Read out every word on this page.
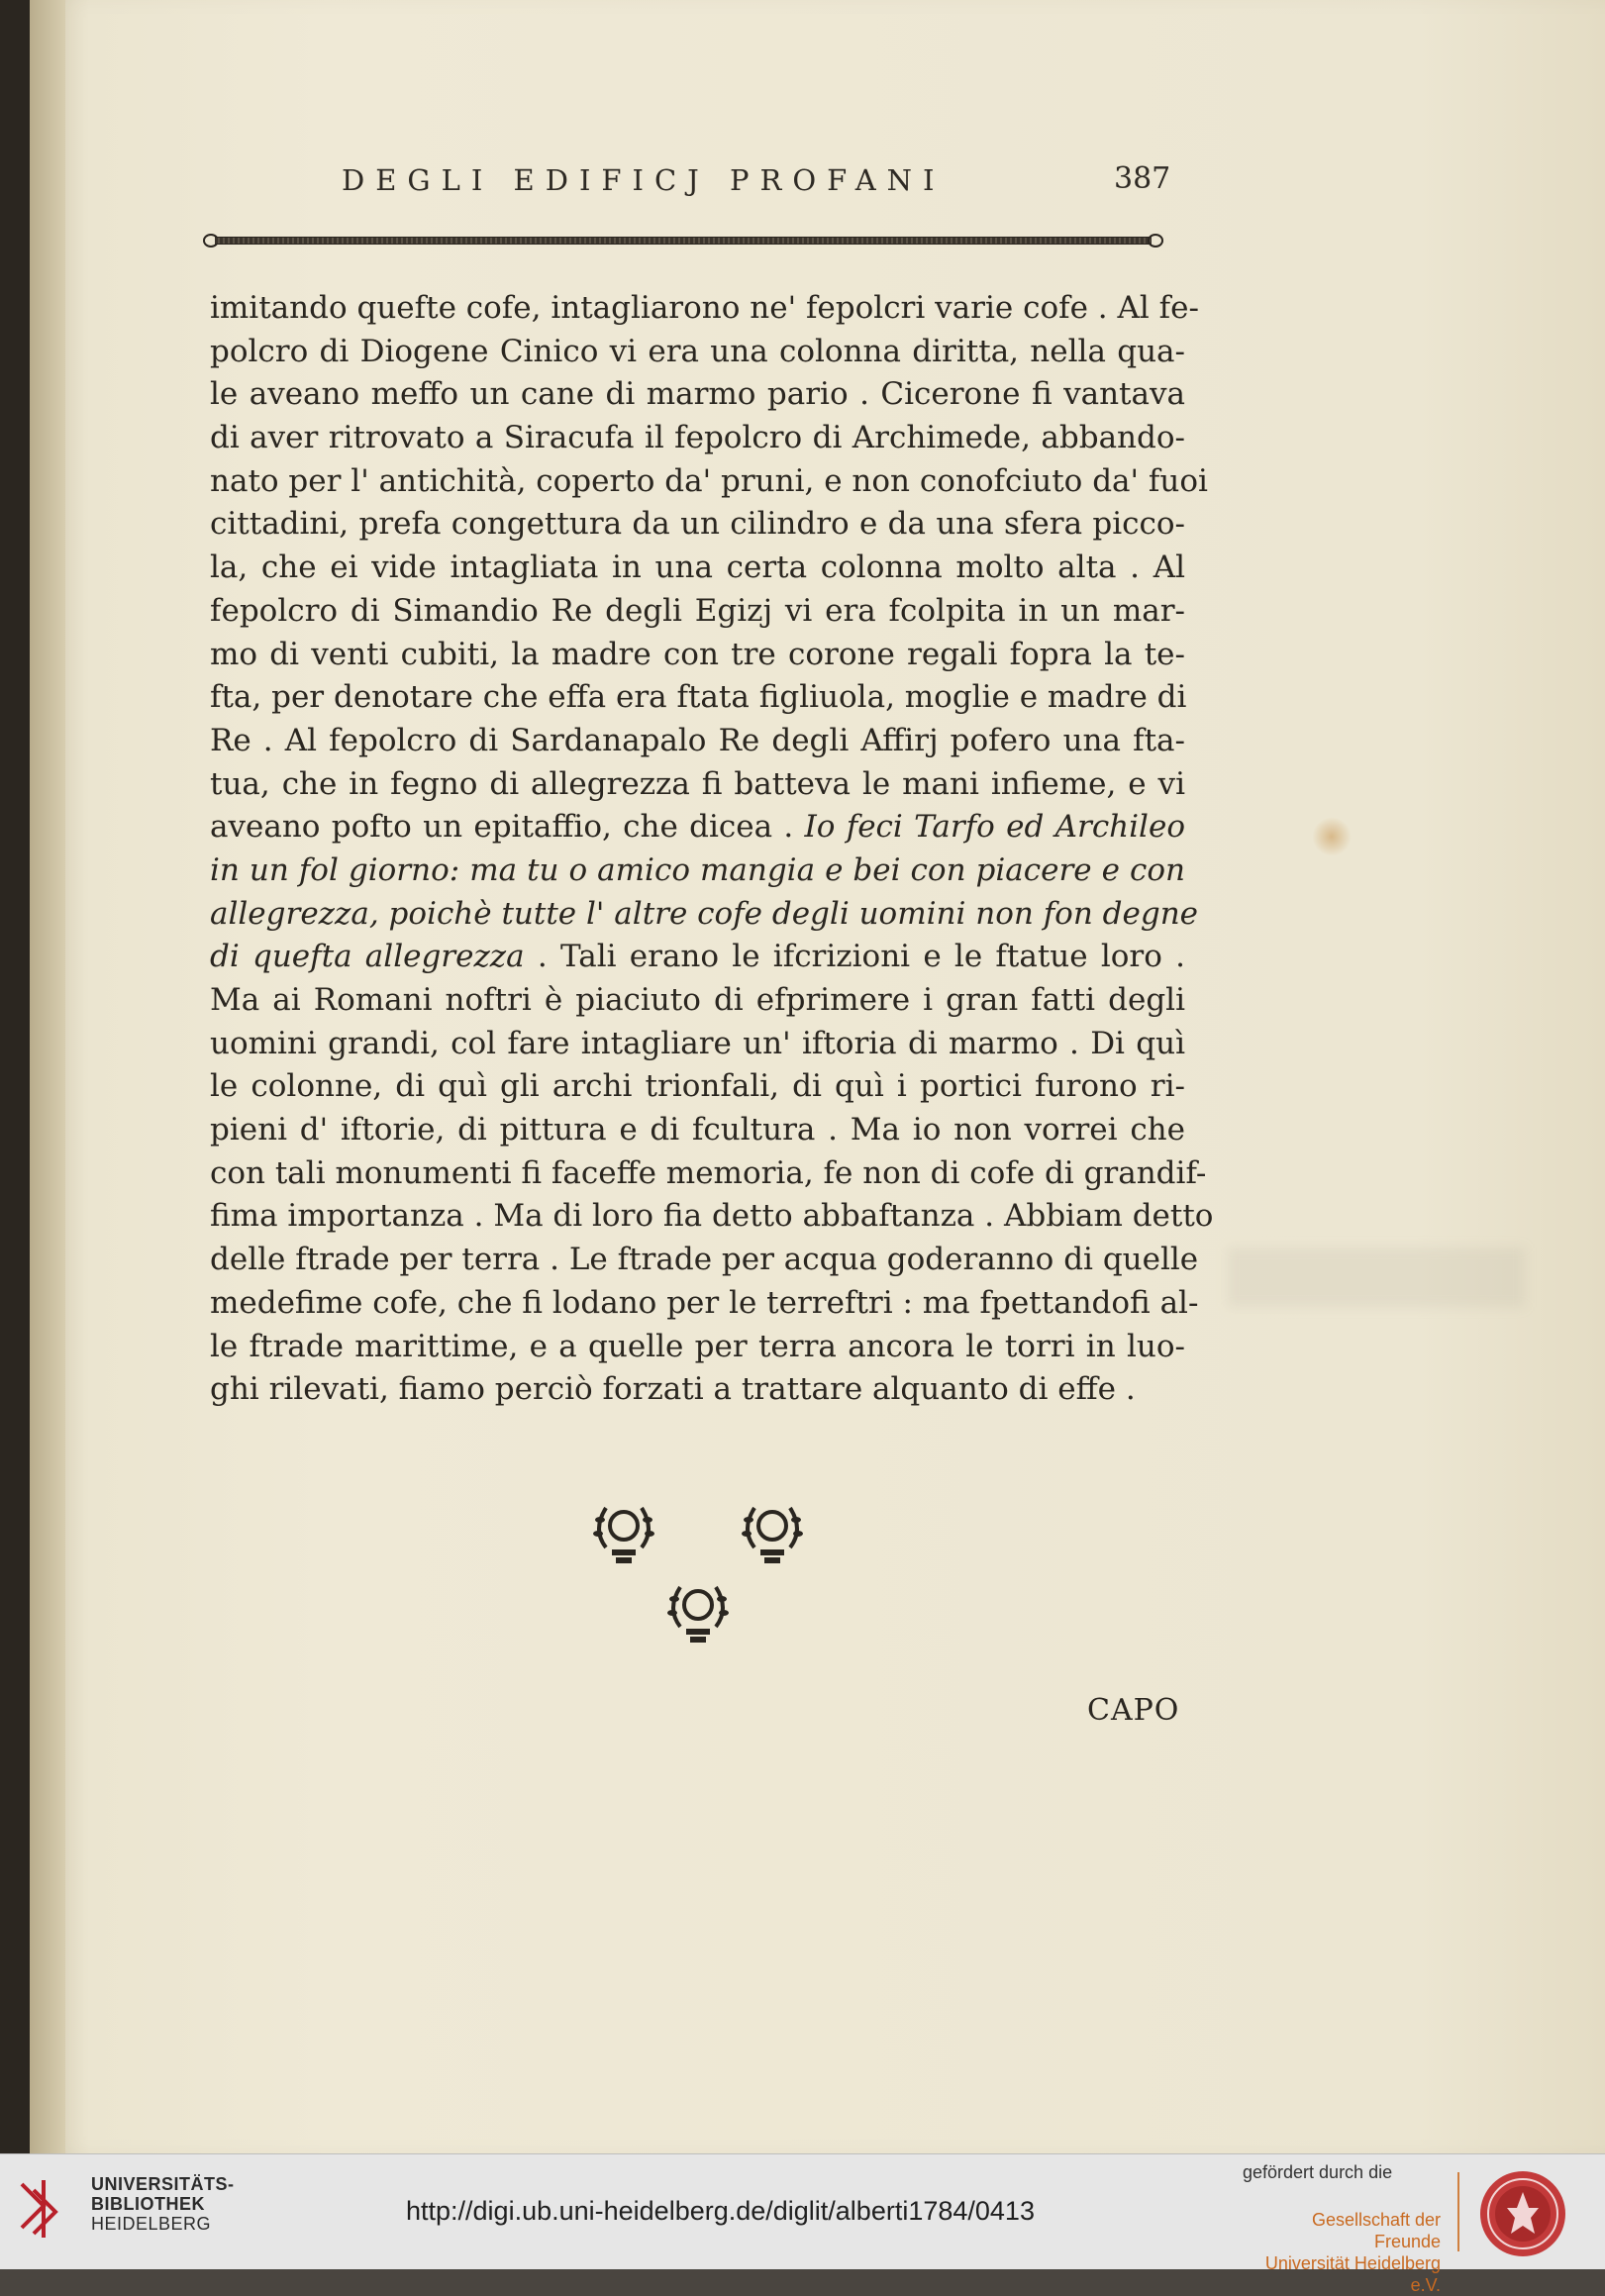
DEGLI EDIFICJ PROFANI	387
imitando quefte cofe, intagliarono ne' fepolcri varie cofe . Al fe-
polcro di Diogene Cinico vi era una colonna diritta, nella qua-
le aveano meffo un cane di marmo pario . Cicerone fi vantava
di aver ritrovato a Siracufa il fepolcro di Archimede, abbando-
nato per l' antichità, coperto da' pruni, e non conofciuto da' fuoi
cittadini, prefa congettura da un cilindro e da una sfera picco-
la, che ei vide intagliata in una certa colonna molto alta . Al
fepolcro di Simandio Re degli Egizj vi era fcolpita in un mar-
mo di venti cubiti, la madre con tre corone regali fopra la te-
fta, per denotare che effa era ftata figliuola, moglie e madre di
Re . Al fepolcro di Sardanapalo Re degli Affirj pofero una fta-
tua, che in fegno di allegrezza fi batteva le mani infieme, e vi
aveano pofto un epitaffio, che dicea . Io feci Tarfo ed Archileo
in un fol giorno: ma tu o amico mangia e bei con piacere e con
allegrezza, poichè tutte l' altre cofe degli uomini non fon degne
di quefta allegrezza . Tali erano le ifcrizioni e le ftatue loro .
Ma ai Romani noftri è piaciuto di efprimere i gran fatti degli
uomini grandi, col fare intagliare un' iftoria di marmo . Di quì
le colonne, di quì gli archi trionfali, di quì i portici furono ri-
pieni d' iftorie, di pittura e di fcultura . Ma io non vorrei che
con tali monumenti fi faceffe memoria, fe non di cofe di grandif-
fima importanza . Ma di loro fia detto abbaftanza . Abbiam detto
delle ftrade per terra . Le ftrade per acqua goderanno di quelle
medefime cofe, che fi lodano per le terreftri : ma fpettandofi al-
le ftrade marittime, e a quelle per terra ancora le torri in luo-
ghi rilevati, fiamo perciò forzati a trattare alquanto di effe .
CAPO
UNIVERSITÄTS-
BIBLIOTHEK
HEIDELBERG	http://digi.ub.uni-heidelberg.de/diglit/alberti1784/0413
gefördert durch die
Gesellschaft der Freunde
Universität Heidelberg e.V.
